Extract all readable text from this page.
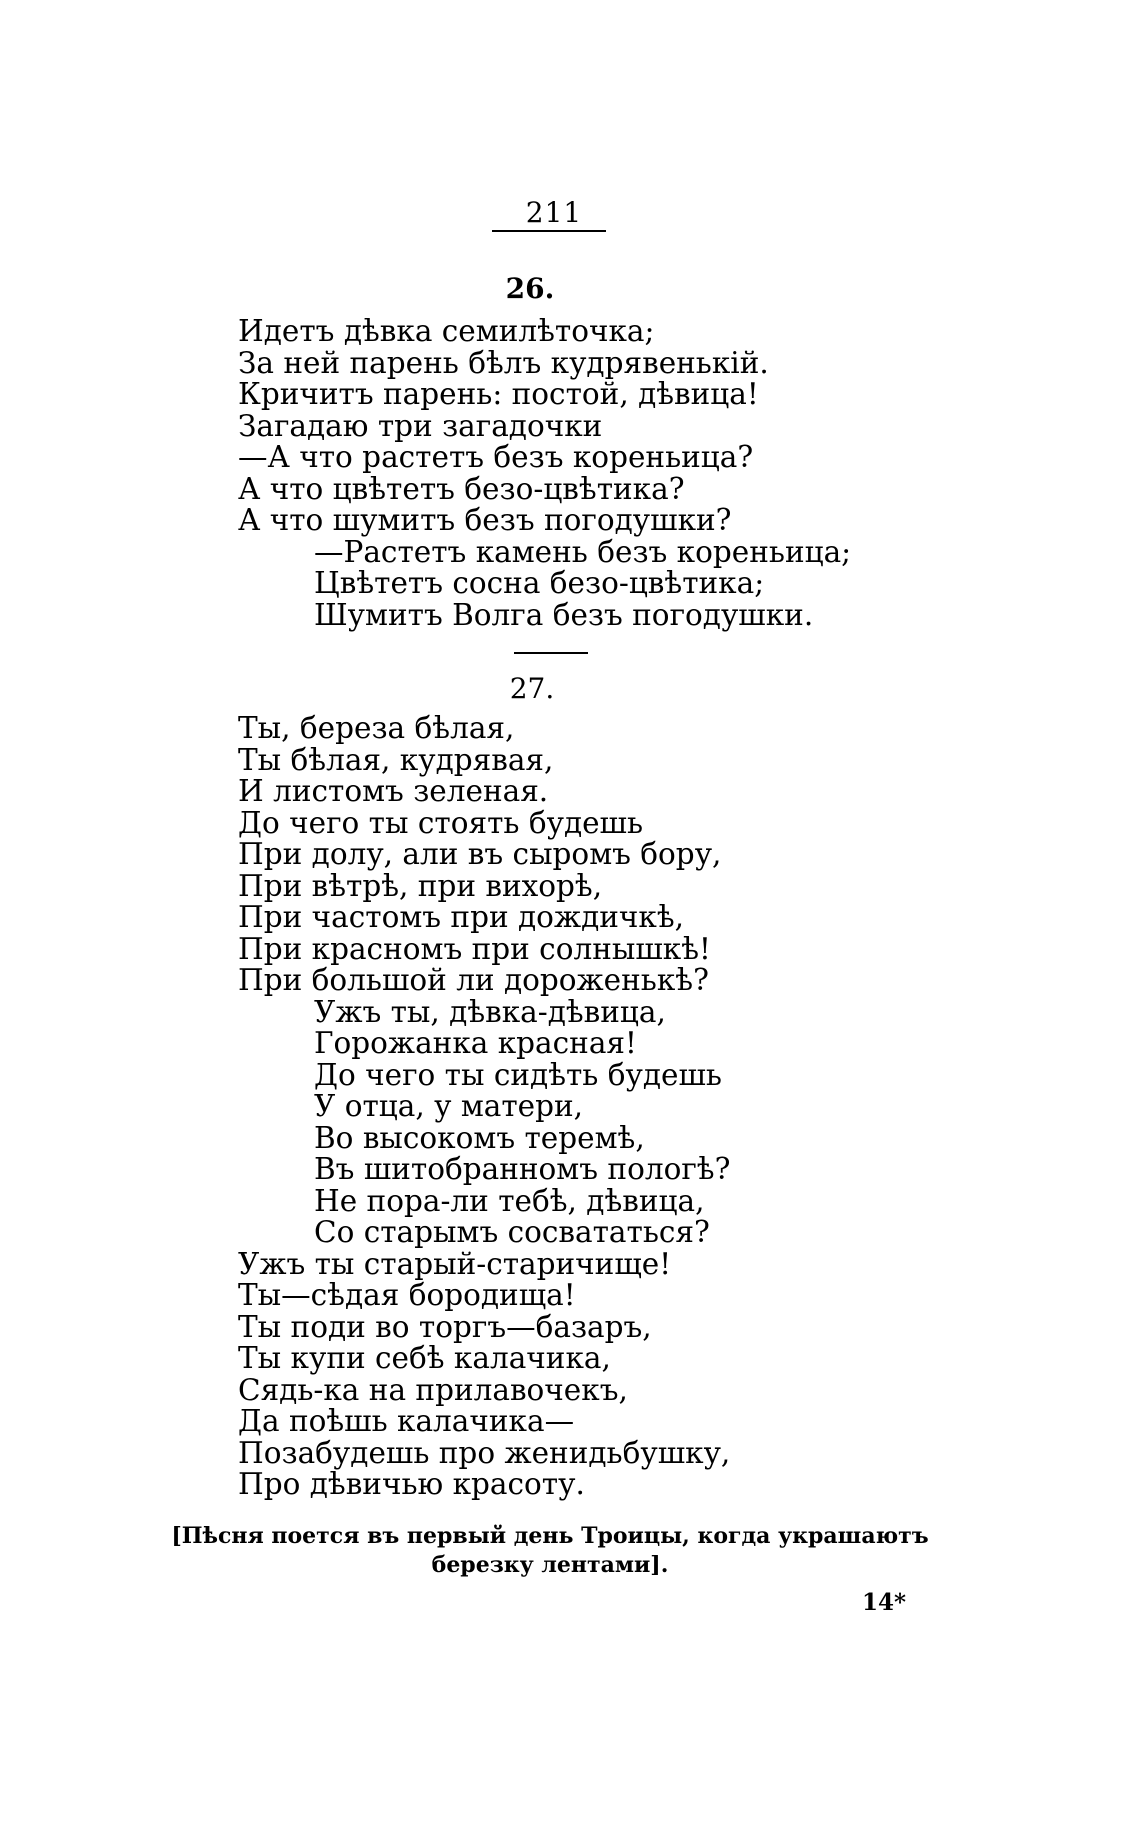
211
26.
Идетъ дѣвка семилѣточка;
За ней парень бѣлъ кудрявенькій.
Кричитъ парень: постой, дѣвица!
Загадаю три загадочки
—А что растетъ безъ кореньица?
А что цвѣтетъ безо-цвѣтика?
А что шумитъ безъ погодушки?
—Растетъ камень безъ кореньица;
Цвѣтетъ сосна безо-цвѣтика;
Шумитъ Волга безъ погодушки.
27.
Ты, береза бѣлая,
Ты бѣлая, кудрявая,
И листомъ зеленая.
До чего ты стоять будешь
При долу, али въ сыромъ бору,
При вѣтрѣ, при вихорѣ,
При частомъ при дождичкѣ,
При красномъ при солнышкѣ!
При большой ли дороженькѣ?
Ужъ ты, дѣвка-дѣвица,
Горожанка красная!
До чего ты сидѣть будешь
У отца, у матери,
Во высокомъ теремѣ,
Въ шитобранномъ пологѣ?
Не пора-ли тебѣ, дѣвица,
Со старымъ сосвататься?
Ужъ ты старый-старичище!
Ты—сѣдая бородища!
Ты поди во торгъ—базаръ,
Ты купи себѣ калачика,
Сядь-ка на прилавочекъ,
Да поѣшь калачика—
Позабудешь про женидьбушку,
Про дѣвичью красоту.
[Пѣсня поется въ первый день Троицы, когда украшаютъ березку лентами].
14*
